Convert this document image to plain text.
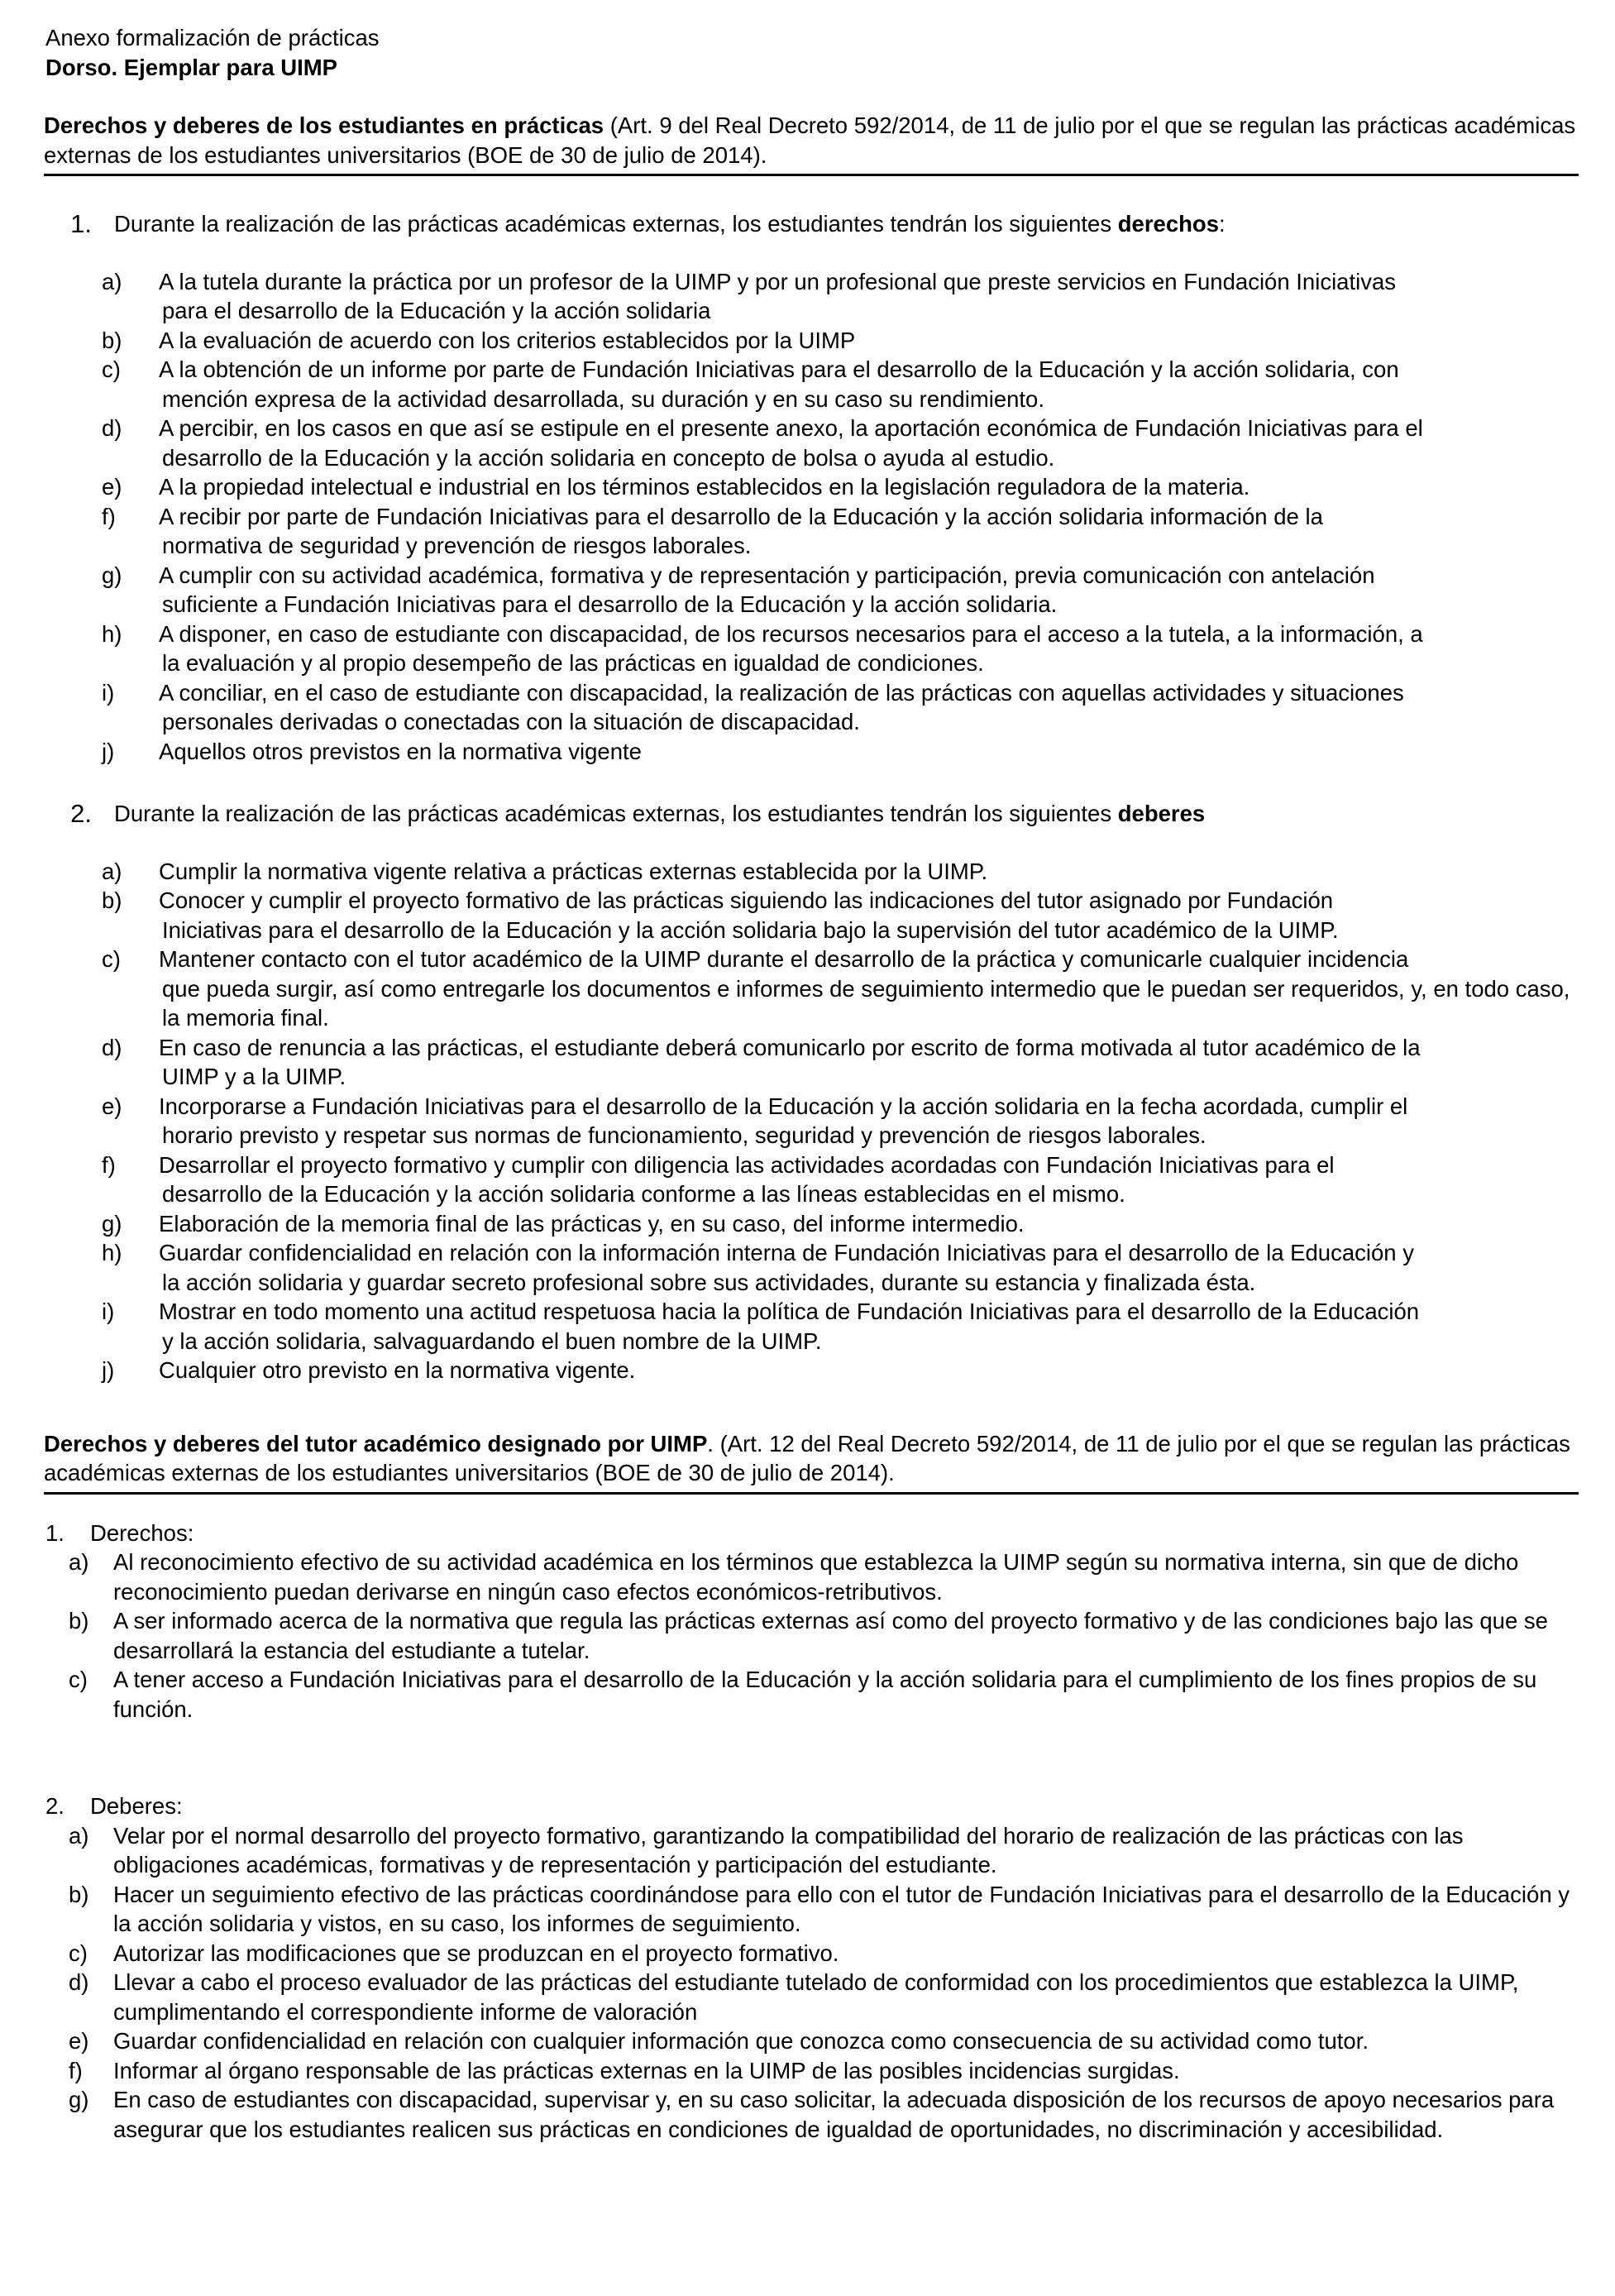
Anexo formalización de prácticas
Dorso. Ejemplar para UIMP
Derechos y deberes de los estudiantes en prácticas (Art. 9 del Real Decreto 592/2014, de 11 de julio por el que se regulan las prácticas académicas externas de los estudiantes universitarios (BOE de 30 de julio de 2014).
1. Durante la realización de las prácticas académicas externas, los estudiantes tendrán los siguientes derechos:
a)	A la tutela durante la práctica por un profesor de la UIMP y por un profesional que preste servicios en Fundación Iniciativas
para el desarrollo de la Educación y la acción solidaria
b)	A la evaluación de acuerdo con los criterios establecidos por la UIMP
c)	A la obtención de un informe por parte de Fundación Iniciativas para el desarrollo de la Educación y la acción solidaria, con
mención expresa de la actividad desarrollada, su duración y en su caso su rendimiento.
d)	A percibir, en los casos en que así se estipule en el presente anexo, la aportación económica de Fundación Iniciativas para el
desarrollo de la Educación y la acción solidaria en concepto de bolsa o ayuda al estudio.
e)	A la propiedad intelectual e industrial en los términos establecidos en la legislación reguladora de la materia.
f)	A recibir por parte de Fundación Iniciativas para el desarrollo de la Educación y la acción solidaria información de la
normativa de seguridad y prevención de riesgos laborales.
g)	A cumplir con su actividad académica, formativa y de representación y participación, previa comunicación con antelación
suficiente a Fundación Iniciativas para el desarrollo de la Educación y la acción solidaria.
h)	A disponer, en caso de estudiante con discapacidad, de los recursos necesarios para el acceso a la tutela, a la información, a
la evaluación y al propio desempeño de las prácticas en igualdad de condiciones.
i)	A conciliar, en el caso de estudiante con discapacidad, la realización de las prácticas con aquellas actividades y situaciones
personales derivadas o conectadas con la situación de discapacidad.
j)	Aquellos otros previstos en la normativa vigente
2. Durante la realización de las prácticas académicas externas, los estudiantes tendrán los siguientes deberes
a)	Cumplir la normativa vigente relativa a prácticas externas establecida por la UIMP.
b)	Conocer y cumplir el proyecto formativo de las prácticas siguiendo las indicaciones del tutor asignado por Fundación
Iniciativas para el desarrollo de la Educación y la acción solidaria bajo la supervisión del tutor académico de la UIMP.
c)	Mantener contacto con el tutor académico de la UIMP durante el desarrollo de la práctica y comunicarle cualquier incidencia
que pueda surgir, así como entregarle los documentos e informes de seguimiento intermedio que le puedan ser requeridos, y, en todo caso, la memoria final.
d)	En caso de renuncia a las prácticas, el estudiante deberá comunicarlo por escrito de forma motivada al tutor académico de la
UIMP y a la UIMP.
e)	Incorporarse a Fundación Iniciativas para el desarrollo de la Educación y la acción solidaria en la fecha acordada, cumplir el
horario previsto y respetar sus normas de funcionamiento, seguridad y prevención de riesgos laborales.
f)	Desarrollar el proyecto formativo y cumplir con diligencia las actividades acordadas con Fundación Iniciativas para el
desarrollo de la Educación y la acción solidaria conforme a las líneas establecidas en el mismo.
g)	Elaboración de la memoria final de las prácticas y, en su caso, del informe intermedio.
h)	Guardar confidencialidad en relación con la información interna de Fundación Iniciativas para el desarrollo de la Educación y
la acción solidaria y guardar secreto profesional sobre sus actividades, durante su estancia y finalizada ésta.
i)	Mostrar en todo momento una actitud respetuosa hacia la política de Fundación Iniciativas para el desarrollo de la Educación
y la acción solidaria, salvaguardando el buen nombre de la UIMP.
j)	Cualquier otro previsto en la normativa vigente.
Derechos y deberes del tutor académico designado por UIMP. (Art. 12 del Real Decreto 592/2014, de 11 de julio por el que se regulan las prácticas académicas externas de los estudiantes universitarios (BOE de 30 de julio de 2014).
1.	Derechos:
a)	Al reconocimiento efectivo de su actividad académica en los términos que establezca la UIMP según su normativa interna, sin que de dicho reconocimiento puedan derivarse en ningún caso efectos económicos-retributivos.
b)	A ser informado acerca de la normativa que regula las prácticas externas así como del proyecto formativo y de las condiciones bajo las que se desarrollará la estancia del estudiante a tutelar.
c)	A tener acceso a Fundación Iniciativas para el desarrollo de la Educación y la acción solidaria para el cumplimiento de los fines propios de su función.
2.	Deberes:
a)	Velar por el normal desarrollo del proyecto formativo, garantizando la compatibilidad del horario de realización de las prácticas con las obligaciones académicas, formativas y de representación y participación del estudiante.
b)	Hacer un seguimiento efectivo de las prácticas coordinándose para ello con el tutor de Fundación Iniciativas para el desarrollo de la Educación y la acción solidaria y vistos, en su caso, los informes de seguimiento.
c)	Autorizar las modificaciones que se produzcan en el proyecto formativo.
d)	Llevar a cabo el proceso evaluador de las prácticas del estudiante tutelado de conformidad con los procedimientos que establezca la UIMP, cumplimentando el correspondiente informe de valoración
e)	Guardar confidencialidad en relación con cualquier información que conozca como consecuencia de su actividad como tutor.
f)	Informar al órgano responsable de las prácticas externas en la UIMP de las posibles incidencias surgidas.
g)	En caso de estudiantes con discapacidad, supervisar y, en su caso solicitar, la adecuada disposición de los recursos de apoyo necesarios para asegurar que los estudiantes realicen sus prácticas en condiciones de igualdad de oportunidades, no discriminación y accesibilidad.
